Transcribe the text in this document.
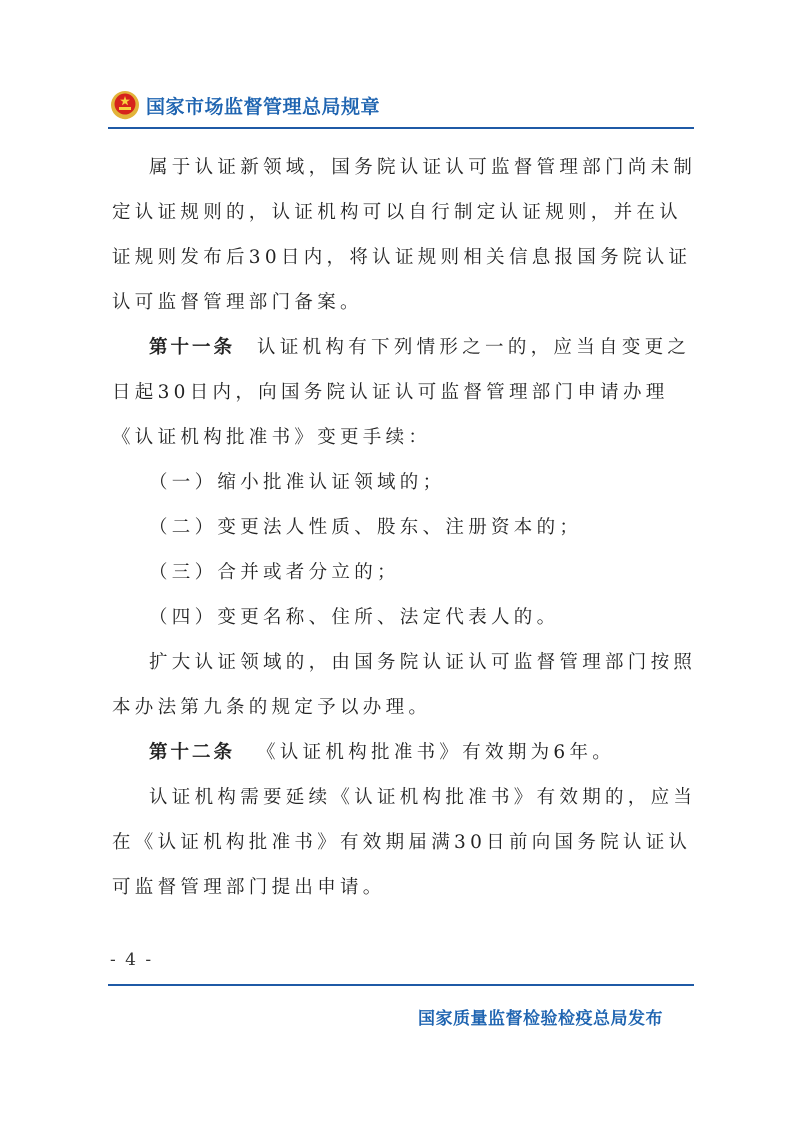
国家市场监督管理总局规章

属于认证新领域，国务院认证认可监督管理部门尚未制定认证规则的，认证机构可以自行制定认证规则，并在认证规则发布后30日内，将认证规则相关信息报国务院认证认可监督管理部门备案。

第十一条 认证机构有下列情形之一的，应当自变更之日起30日内，向国务院认证认可监督管理部门申请办理《认证机构批准书》变更手续：

（一）缩小批准认证领域的；

（二）变更法人性质、股东、注册资本的；

（三）合并或者分立的；

（四）变更名称、住所、法定代表人的。

扩大认证领域的，由国务院认证认可监督管理部门按照本办法第九条的规定予以办理。

第十二条 《认证机构批准书》有效期为6年。

认证机构需要延续《认证机构批准书》有效期的，应当在《认证机构批准书》有效期届满30日前向国务院认证认可监督管理部门提出申请。

- 4 -
国家质量监督检验检疫总局发布
